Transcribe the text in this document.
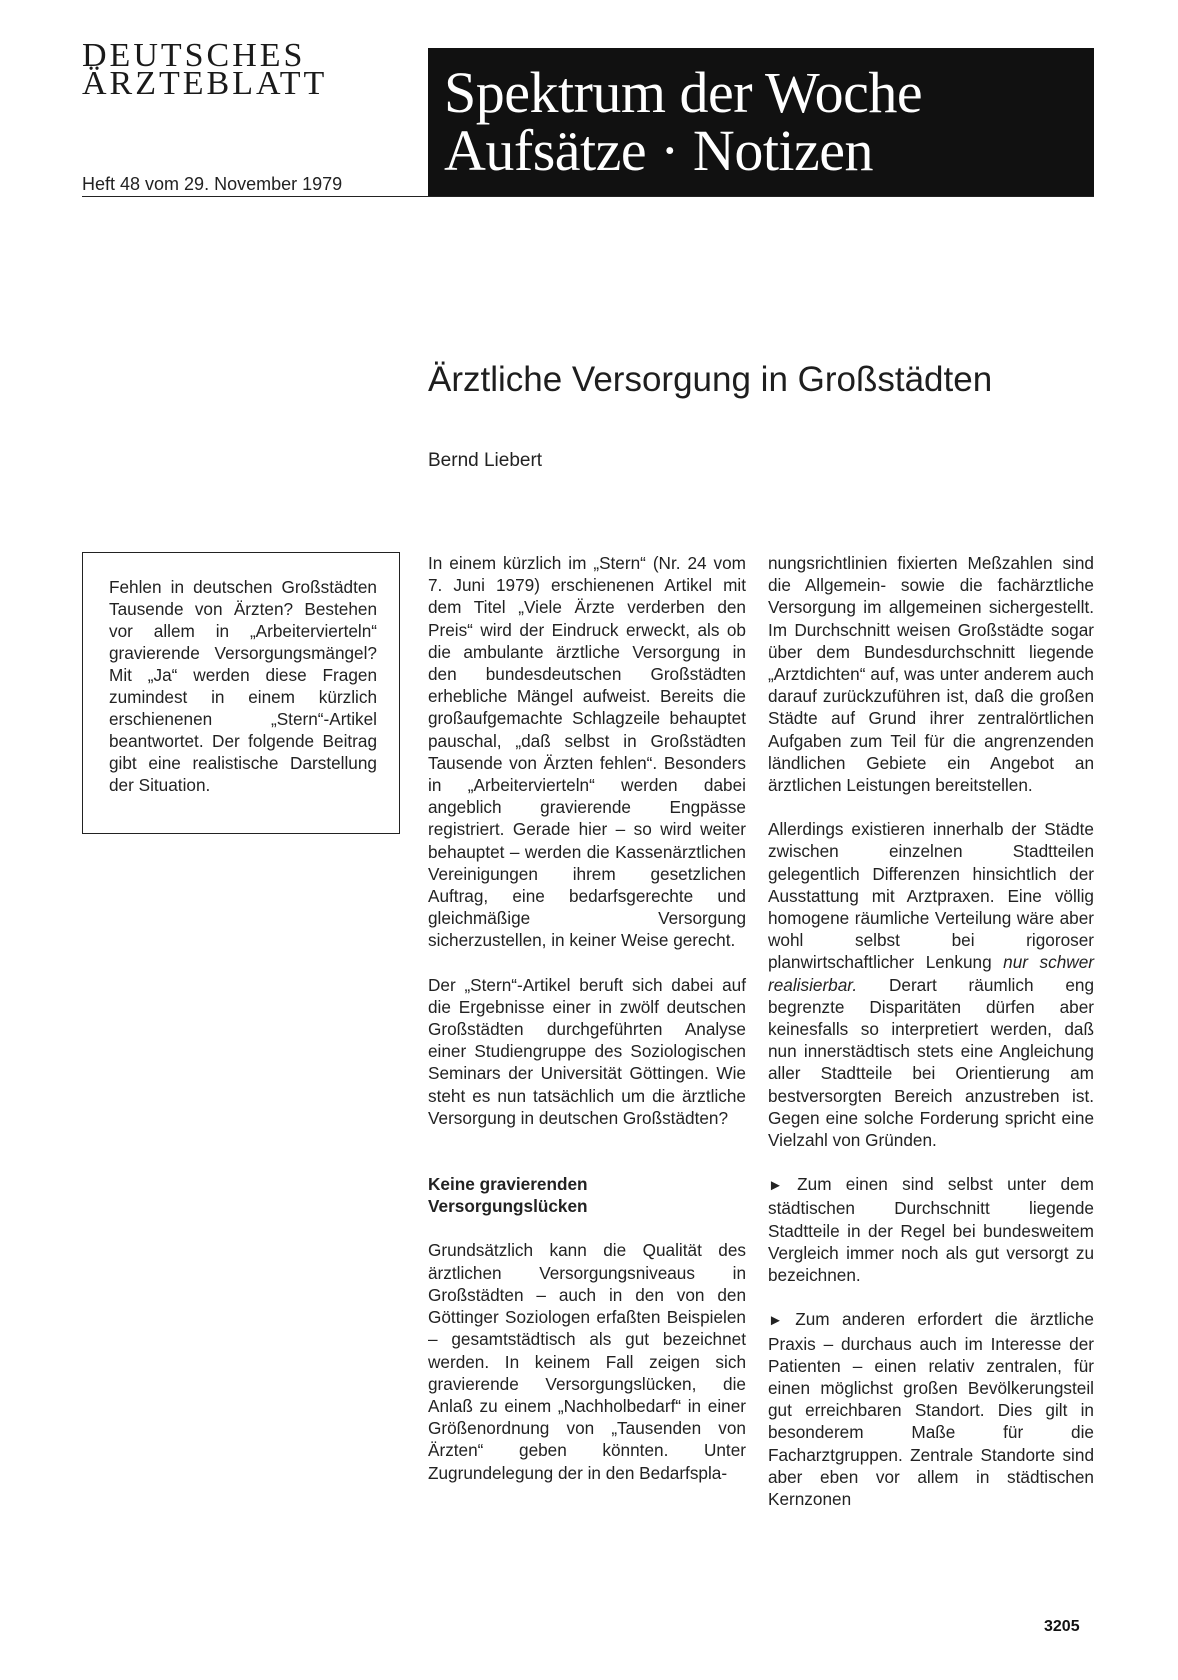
DEUTSCHES
ÄRZTEBLATT
Heft 48 vom 29. November 1979
Spektrum der Woche
Aufsätze · Notizen
Ärztliche Versorgung in Großstädten
Bernd Liebert

Fehlen in deutschen Großstädten Tausende von Ärzten? Bestehen vor allem in „Arbeitervierteln“ gravierende Versorgungsmängel? Mit „Ja“ werden diese Fragen zumindest in einem kürzlich erschienenen „Stern“-Artikel beantwortet. Der folgende Beitrag gibt eine realistische Darstellung der Situation.

In einem kürzlich im „Stern“ (Nr. 24 vom 7. Juni 1979) erschienenen Artikel mit dem Titel „Viele Ärzte verderben den Preis“ wird der Eindruck erweckt, als ob die ambulante ärztliche Versorgung in den bundesdeutschen Großstädten erhebliche Mängel aufweist. Bereits die großaufgemachte Schlagzeile behauptet pauschal, „daß selbst in Großstädten Tausende von Ärzten fehlen“. Besonders in „Arbeitervierteln“ werden dabei angeblich gravierende Engpässe registriert. Gerade hier – so wird weiter behauptet – werden die Kassenärztlichen Vereinigungen ihrem gesetzlichen Auftrag, eine bedarfsgerechte und gleichmäßige Versorgung sicherzustellen, in keiner Weise gerecht.

Der „Stern“-Artikel beruft sich dabei auf die Ergebnisse einer in zwölf deutschen Großstädten durchgeführten Analyse einer Studiengruppe des Soziologischen Seminars der Universität Göttingen. Wie steht es nun tatsächlich um die ärztliche Versorgung in deutschen Großstädten?

Keine gravierenden
Versorgungslücken

Grundsätzlich kann die Qualität des ärztlichen Versorgungsniveaus in Großstädten – auch in den von den Göttinger Soziologen erfaßten Beispielen – gesamtstädtisch als gut bezeichnet werden. In keinem Fall zeigen sich gravierende Versorgungslücken, die Anlaß zu einem „Nachholbedarf“ in einer Größenordnung von „Tausenden von Ärzten“ geben könnten. Unter Zugrundelegung der in den Bedarfspla-

nungsrichtlinien fixierten Meßzahlen sind die Allgemein- sowie die fachärztliche Versorgung im allgemeinen sichergestellt. Im Durchschnitt weisen Großstädte sogar über dem Bundesdurchschnitt liegende „Arztdichten“ auf, was unter anderem auch darauf zurückzuführen ist, daß die großen Städte auf Grund ihrer zentralörtlichen Aufgaben zum Teil für die angrenzenden ländlichen Gebiete ein Angebot an ärztlichen Leistungen bereitstellen.

Allerdings existieren innerhalb der Städte zwischen einzelnen Stadtteilen gelegentlich Differenzen hinsichtlich der Ausstattung mit Arztpraxen. Eine völlig homogene räumliche Verteilung wäre aber wohl selbst bei rigoroser planwirtschaftlicher Lenkung nur schwer realisierbar. Derart räumlich eng begrenzte Disparitäten dürfen aber keinesfalls so interpretiert werden, daß nun innerstädtisch stets eine Angleichung aller Stadtteile bei Orientierung am bestversorgten Bereich anzustreben ist. Gegen eine solche Forderung spricht eine Vielzahl von Gründen.

► Zum einen sind selbst unter dem städtischen Durchschnitt liegende Stadtteile in der Regel bei bundesweitem Vergleich immer noch als gut versorgt zu bezeichnen.

► Zum anderen erfordert die ärztliche Praxis – durchaus auch im Interesse der Patienten – einen relativ zentralen, für einen möglichst großen Bevölkerungsteil gut erreichbaren Standort. Dies gilt in besonderem Maße für die Facharztgruppen. Zentrale Standorte sind aber eben vor allem in städtischen Kernzonen

3205
